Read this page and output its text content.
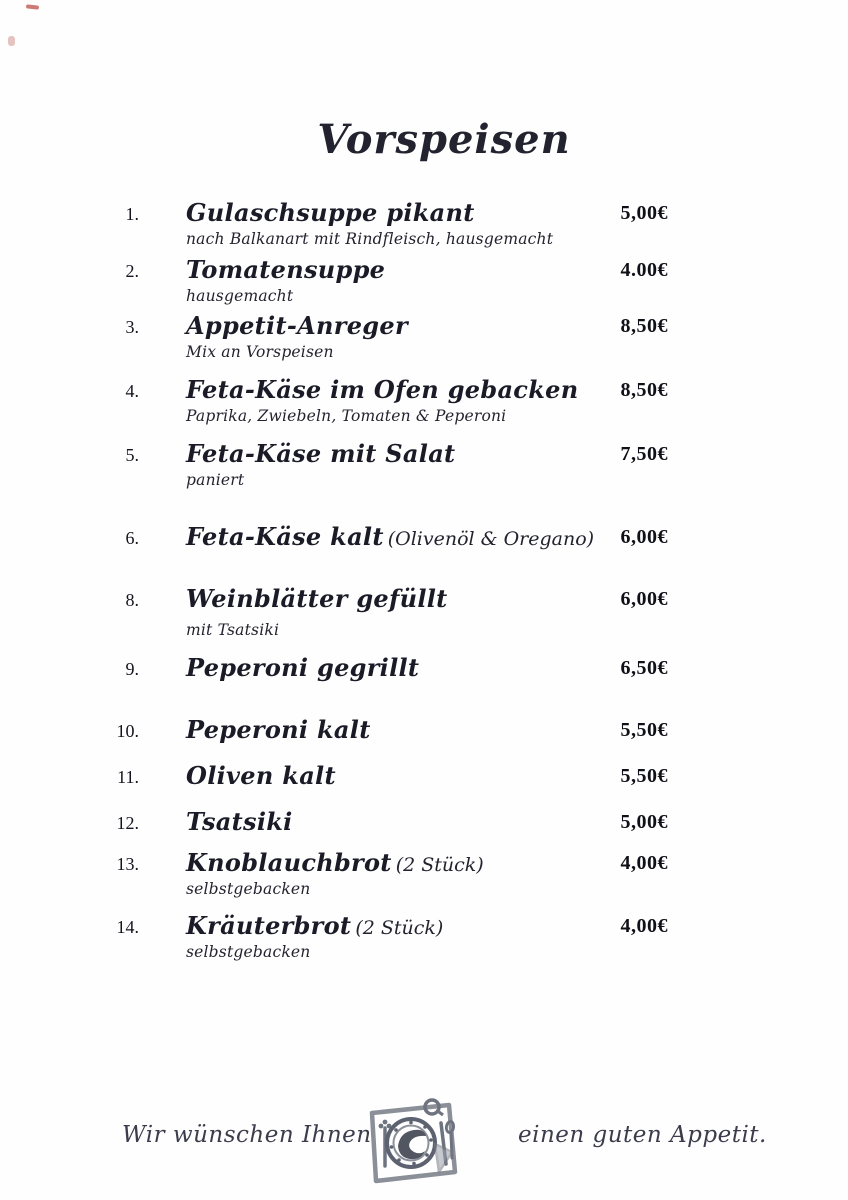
Vorspeisen
1. Gulaschsuppe pikant
nach Balkanart mit Rindfleisch, hausgemacht
5,00€
2. Tomatensuppe
hausgemacht
4.00€
3. Appetit-Anreger
Mix an Vorspeisen
8,50€
4. Feta-Käse im Ofen gebacken
Paprika, Zwiebeln, Tomaten & Peperoni
8,50€
5. Feta-Käse mit Salat
paniert
7,50€
6. Feta-Käse kalt (Olivenöl & Oregano)	6,00€
8. Weinblätter gefüllt
mit Tsatsiki
6,00€
9. Peperoni gegrillt	6,50€
10. Peperoni kalt	5,50€
11. Oliven kalt	5,50€
12. Tsatsiki	5,00€
13. Knoblauchbrot (2 Stück)
selbstgebacken
4,00€
14. Kräuterbrot (2 Stück)
selbstgebacken
4,00€
Wir wünschen Ihnen	einen guten Appetit.
